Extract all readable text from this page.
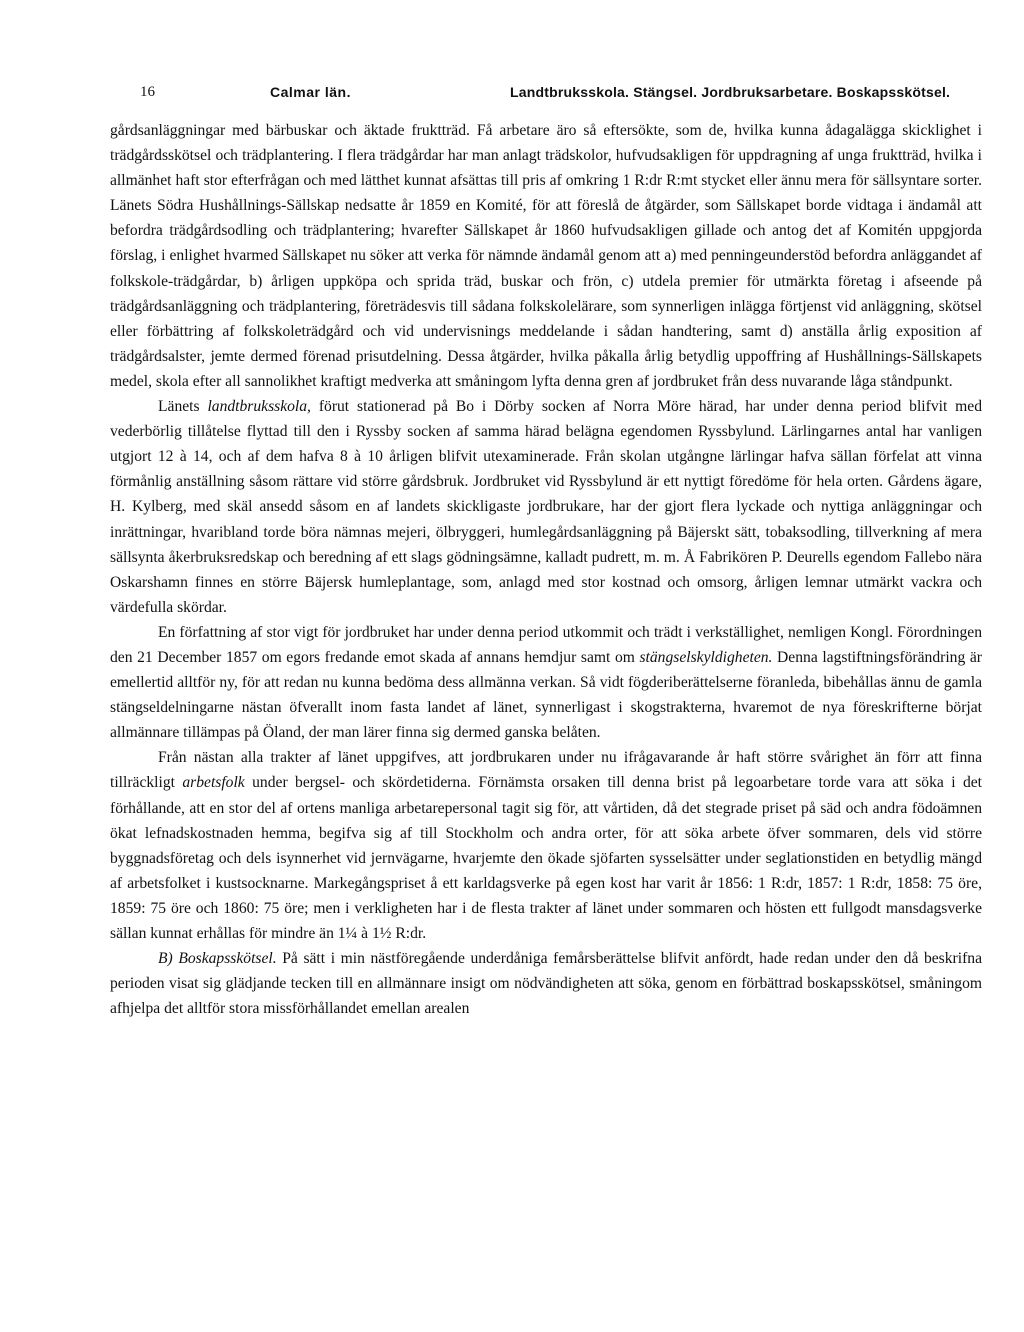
16	Calmar län.	Landtbruksskola. Stängsel. Jordbruksarbetare. Boskapsskötsel.

gårdsanläggningar med bärbuskar och äktade fruktträd. Få arbetare äro så eftersökte, som de, hvilka kunna ådagalägga skicklighet i trädgårdsskötsel och trädplantering. I flera trädgårdar har man anlagt trädskolor, hufvudsakligen för uppdragning af unga fruktträd, hvilka i allmänhet haft stor efterfrågan och med lätthet kunnat afsättas till pris af omkring 1 R:dr R:mt stycket eller ännu mera för sällsyntare sorter. Länets Södra Hushållnings-Sällskap nedsatte år 1859 en Komité, för att föreslå de åtgärder, som Sällskapet borde vidtaga i ändamål att befordra trädgårdsodling och trädplantering; hvarefter Sällskapet år 1860 hufvudsakligen gillade och antog det af Komitén uppgjorda förslag, i enlighet hvarmed Sällskapet nu söker att verka för nämnde ändamål genom att a) med penningeunderstöd befordra anläggandet af folkskole-trädgårdar, b) årligen uppköpa och sprida träd, buskar och frön, c) utdela premier för utmärkta företag i afseende på trädgårdsanläggning och trädplantering, företrädesvis till sådana folkskolelärare, som synnerligen inlägga förtjenst vid anläggning, skötsel eller förbättring af folkskoleträdgård och vid undervisnings meddelande i sådan handtering, samt d) anställa årlig exposition af trädgårdsalster, jemte dermed förenad prisutdelning. Dessa åtgärder, hvilka påkalla årlig betydlig uppoffring af Hushållnings-Sällskapets medel, skola efter all sannolikhet kraftigt medverka att småningom lyfta denna gren af jordbruket från dess nuvarande låga ståndpunkt.

Länets landtbruksskola, förut stationerad på Bo i Dörby socken af Norra Möre härad, har under denna period blifvit med vederbörlig tillåtelse flyttad till den i Ryssby socken af samma härad belägna egendomen Ryssbylund. Lärlingarnes antal har vanligen utgjort 12 à 14, och af dem hafva 8 à 10 årligen blifvit utexaminerade. Från skolan utgångne lärlingar hafva sällan förfelat att vinna förmånlig anställning såsom rättare vid större gårdsbruk. Jordbruket vid Ryssbylund är ett nyttigt föredöme för hela orten. Gårdens ägare, H. Kylberg, med skäl ansedd såsom en af landets skickligaste jordbrukare, har der gjort flera lyckade och nyttiga anläggningar och inrättningar, hvaribland torde böra nämnas mejeri, ölbryggeri, humlegårdsanläggning på Bäjerskt sätt, tobaksodling, tillverkning af mera sällsynta åkerbruksredskap och beredning af ett slags gödningsämne, kalladt pudrett, m. m. Å Fabrikören P. Deurells egendom Fallebo nära Oskarshamn finnes en större Bäjersk humleplantage, som, anlagd med stor kostnad och omsorg, årligen lemnar utmärkt vackra och värdefulla skördar.

En författning af stor vigt för jordbruket har under denna period utkommit och trädt i verkställighet, nemligen Kongl. Förordningen den 21 December 1857 om egors fredande emot skada af annans hemdjur samt om stängselskyldigheten. Denna lagstiftningsförändring är emellertid alltför ny, för att redan nu kunna bedöma dess allmänna verkan. Så vidt fögderiberättelserne föranleda, bibehållas ännu de gamla stängseldelningarne nästan öfverallt inom fasta landet af länet, synnerligast i skogstrakterna, hvaremot de nya föreskrifterne börjat allmännare tillämpas på Öland, der man lärer finna sig dermed ganska belåten.

Från nästan alla trakter af länet uppgifves, att jordbrukaren under nu ifrågavarande år haft större svårighet än förr att finna tillräckligt arbetsfolk under bergsel- och skördetiderna. Förnämsta orsaken till denna brist på legoarbetare torde vara att söka i det förhållande, att en stor del af ortens manliga arbetarepersonal tagit sig för, att vårtiden, då det stegrade priset på säd och andra födoämnen ökat lefnadskostnaden hemma, begifva sig af till Stockholm och andra orter, för att söka arbete öfver sommaren, dels vid större byggnadsföretag och dels isynnerhet vid jernvägarne, hvarjemte den ökade sjöfarten sysselsätter under seglationstiden en betydlig mängd af arbetsfolket i kustsocknarne. Markegångspriset å ett karldagsverke på egen kost har varit år 1856: 1 R:dr, 1857: 1 R:dr, 1858: 75 öre, 1859: 75 öre och 1860: 75 öre; men i verkligheten har i de flesta trakter af länet under sommaren och hösten ett fullgodt mansdagsverke sällan kunnat erhållas för mindre än 1¼ à 1½ R:dr.

B) Boskapsskötsel. På sätt i min nästföregående underdåniga femårsberättelse blifvit anfördt, hade redan under den då beskrifna perioden visat sig glädjande tecken till en allmännare insigt om nödvändigheten att söka, genom en förbättrad boskapsskötsel, småningom afhjelpa det alltför stora missförhållandet emellan arealen
